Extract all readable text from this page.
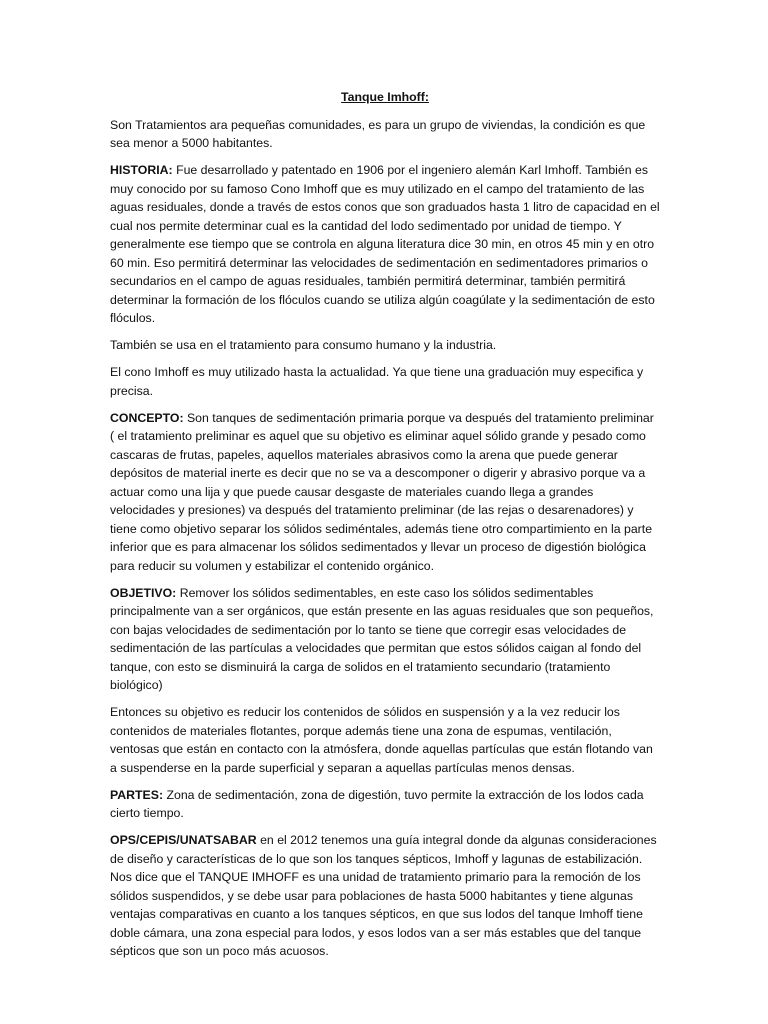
Tanque Imhoff:

Son Tratamientos ara pequeñas comunidades, es para un grupo de viviendas, la condición es que sea menor a 5000 habitantes.

HISTORIA: Fue desarrollado y patentado en 1906 por el ingeniero alemán Karl Imhoff. También es muy conocido por su famoso Cono Imhoff que es muy utilizado en el campo del tratamiento de las aguas residuales, donde a través de estos conos que son graduados hasta 1 litro de capacidad en el cual nos permite determinar cual es la cantidad del lodo sedimentado por unidad de tiempo. Y generalmente ese tiempo que se controla en alguna literatura dice 30 min, en otros 45 min y en otro 60 min. Eso permitirá determinar las velocidades de sedimentación en sedimentadores primarios o secundarios en el campo de aguas residuales, también permitirá determinar, también permitirá determinar la formación de los flóculos cuando se utiliza algún coagúlate y la sedimentación de esto flóculos.

También se usa en el tratamiento para consumo humano y la industria.

El cono Imhoff es muy utilizado hasta la actualidad. Ya que tiene una graduación muy especifica y precisa.

CONCEPTO: Son tanques de sedimentación primaria porque va después del tratamiento preliminar ( el tratamiento preliminar es aquel que su objetivo es eliminar aquel sólido grande y pesado como cascaras de frutas, papeles, aquellos materiales abrasivos como la arena que puede generar depósitos de material inerte es decir que no se va a descomponer o digerir y abrasivo porque va a actuar como una lija y que puede causar desgaste de materiales cuando llega a grandes velocidades y presiones) va después del tratamiento preliminar (de las rejas o desarenadores) y tiene como objetivo separar los sólidos sediméntales, además tiene otro compartimiento en la parte inferior que es para almacenar los sólidos sedimentados y llevar un proceso de digestión biológica para reducir su volumen y estabilizar el contenido orgánico.

OBJETIVO: Remover los sólidos sedimentables, en este caso los sólidos sedimentables principalmente van a ser orgánicos, que están presente en las aguas residuales que son pequeños, con bajas velocidades de sedimentación por lo tanto se tiene que corregir esas velocidades de sedimentación de las partículas a velocidades que permitan que estos sólidos caigan al fondo del tanque, con esto se disminuirá la carga de solidos en el tratamiento secundario (tratamiento biológico)

Entonces su objetivo es reducir los contenidos de sólidos en suspensión y a la vez reducir los contenidos de materiales flotantes, porque además tiene una zona de espumas, ventilación, ventosas que están en contacto con la atmósfera, donde aquellas partículas que están flotando van a suspenderse en la parde superficial y separan a aquellas partículas menos densas.

PARTES: Zona de sedimentación, zona de digestión, tuvo permite la extracción de los lodos cada cierto tiempo.

OPS/CEPIS/UNATSABAR en el 2012 tenemos una guía integral donde da algunas consideraciones de diseño y características de lo que son los tanques sépticos, Imhoff y lagunas de estabilización. Nos dice que el TANQUE IMHOFF es una unidad de tratamiento primario para la remoción de los sólidos suspendidos, y se debe usar para poblaciones de hasta 5000 habitantes y tiene algunas ventajas comparativas en cuanto a los tanques sépticos, en que sus lodos del tanque Imhoff tiene doble cámara, una zona especial para lodos, y esos lodos van a ser más estables que del tanque sépticos que son un poco más acuosos.
